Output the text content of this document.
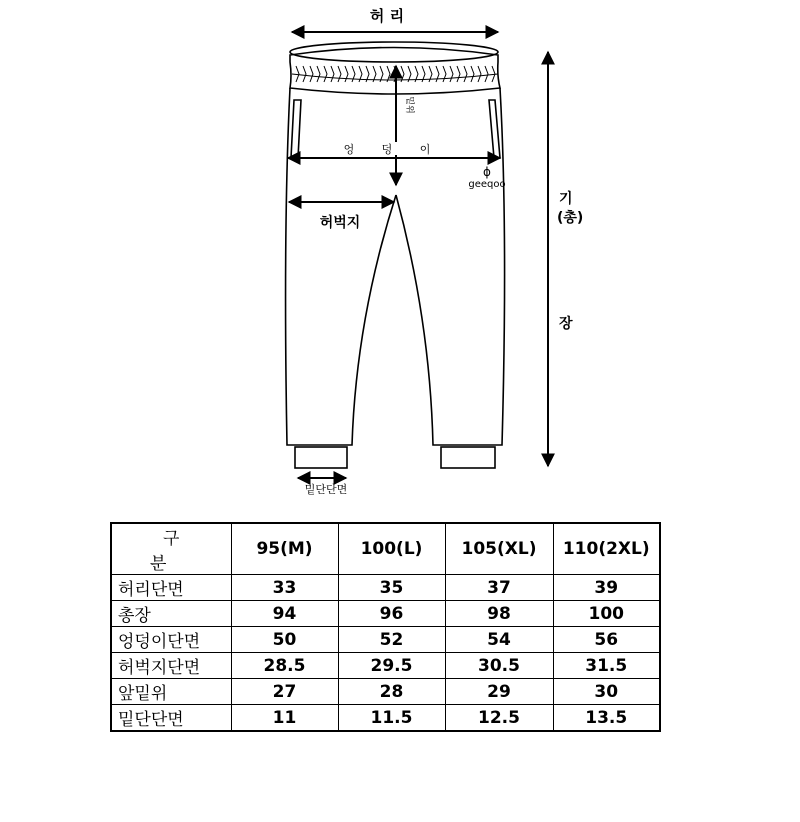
허 리
밑위
엉 덩 이
허벅지
ɸ
geeqoo
기
(총)
장
밑단단면
구 분	95(M)	100(L)	105(XL)	110(2XL)
허리단면	33	35	37	39
총장	94	96	98	100
엉덩이단면	50	52	54	56
허벅지단면	28.5	29.5	30.5	31.5
앞밑위	27	28	29	30
밑단단면	11	11.5	12.5	13.5
